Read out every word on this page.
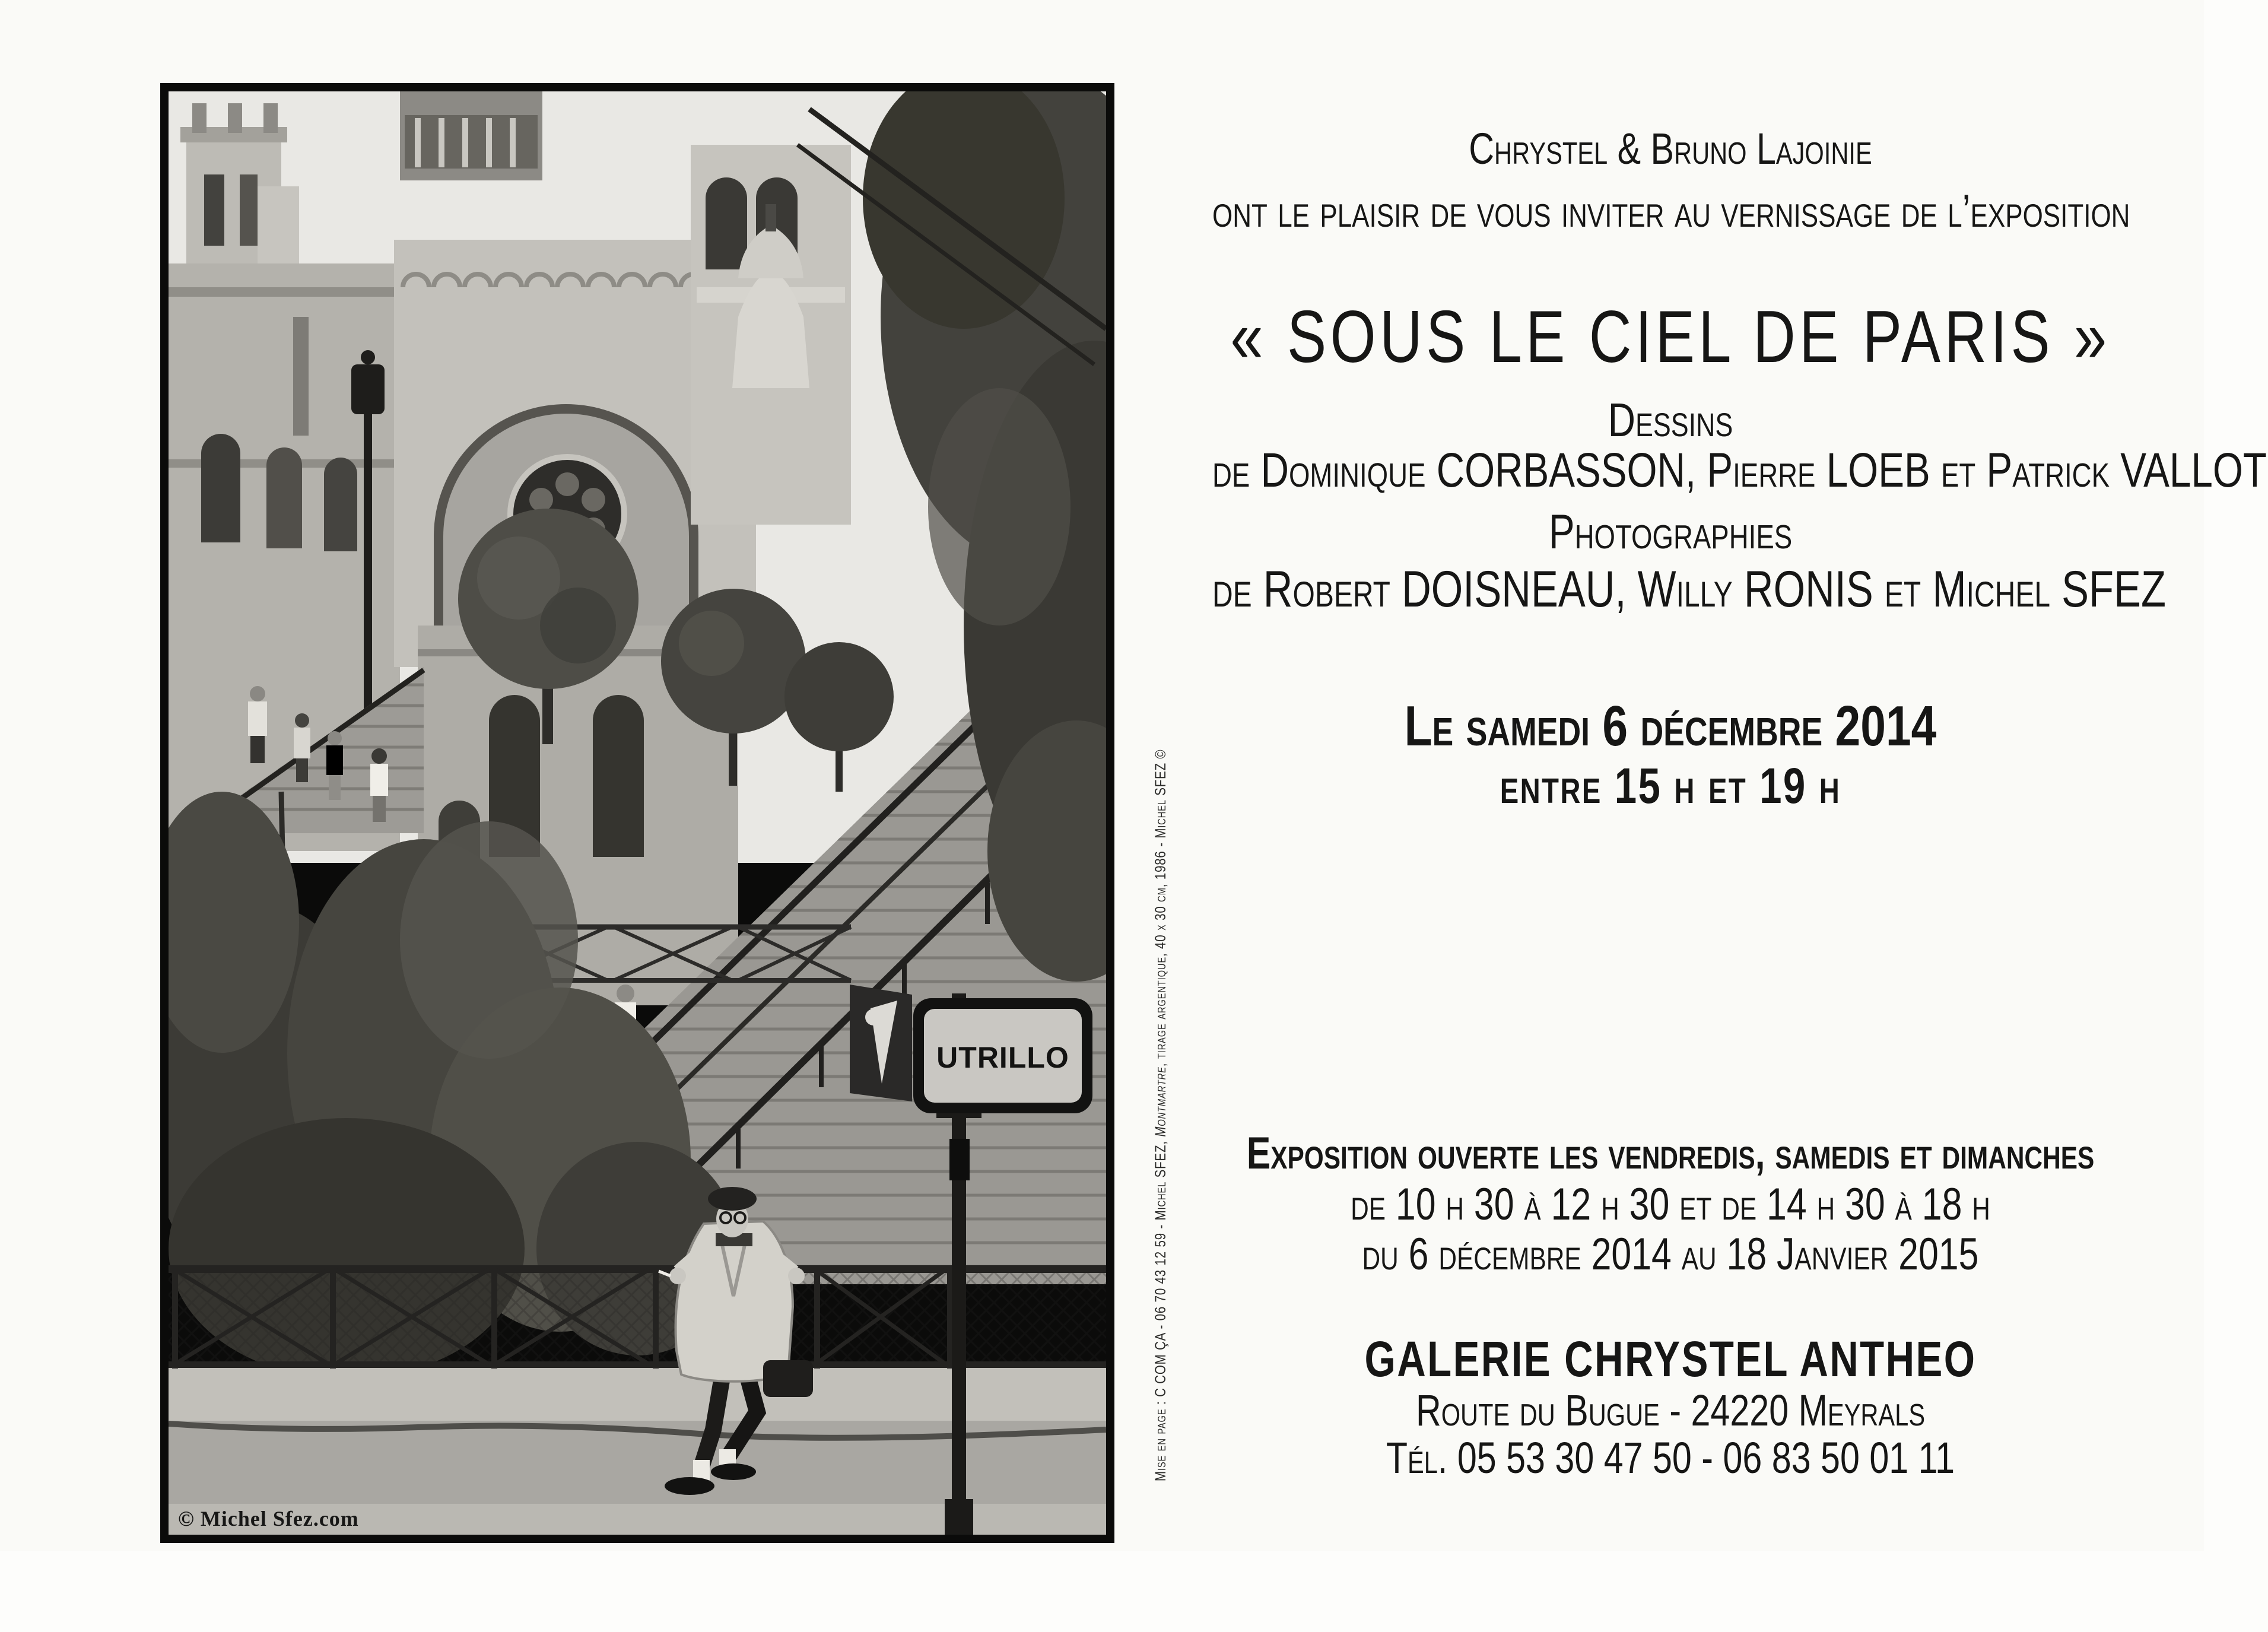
UTRILLO
© Michel Sfez.com
Mise en page : C COM ÇA - 06 70 43 12 59 - Michel SFEZ, Montmartre, tirage argentique, 40 x 30 cm, 1986 - Michel SFEZ ©
Chrystel & Bruno Lajoinie
ont le plaisir de vous inviter au vernissage de l’exposition
« SOUS LE CIEL DE PARIS »
Dessins
de Dominique CORBASSON, Pierre LOEB et Patrick VALLOT
Photographies
de Robert DOISNEAU, Willy RONIS et Michel SFEZ
Le samedi 6 décembre 2014
entre 15 h et 19 h
Exposition ouverte les vendredis, samedis et dimanches
de 10 h 30 à 12 h 30 et de 14 h 30 à 18 h
du 6 décembre 2014 au 18 Janvier 2015
GALERIE CHRYSTEL ANTHEO
Route du Bugue - 24220 Meyrals
Tél. 05 53 30 47 50 - 06 83 50 01 11
